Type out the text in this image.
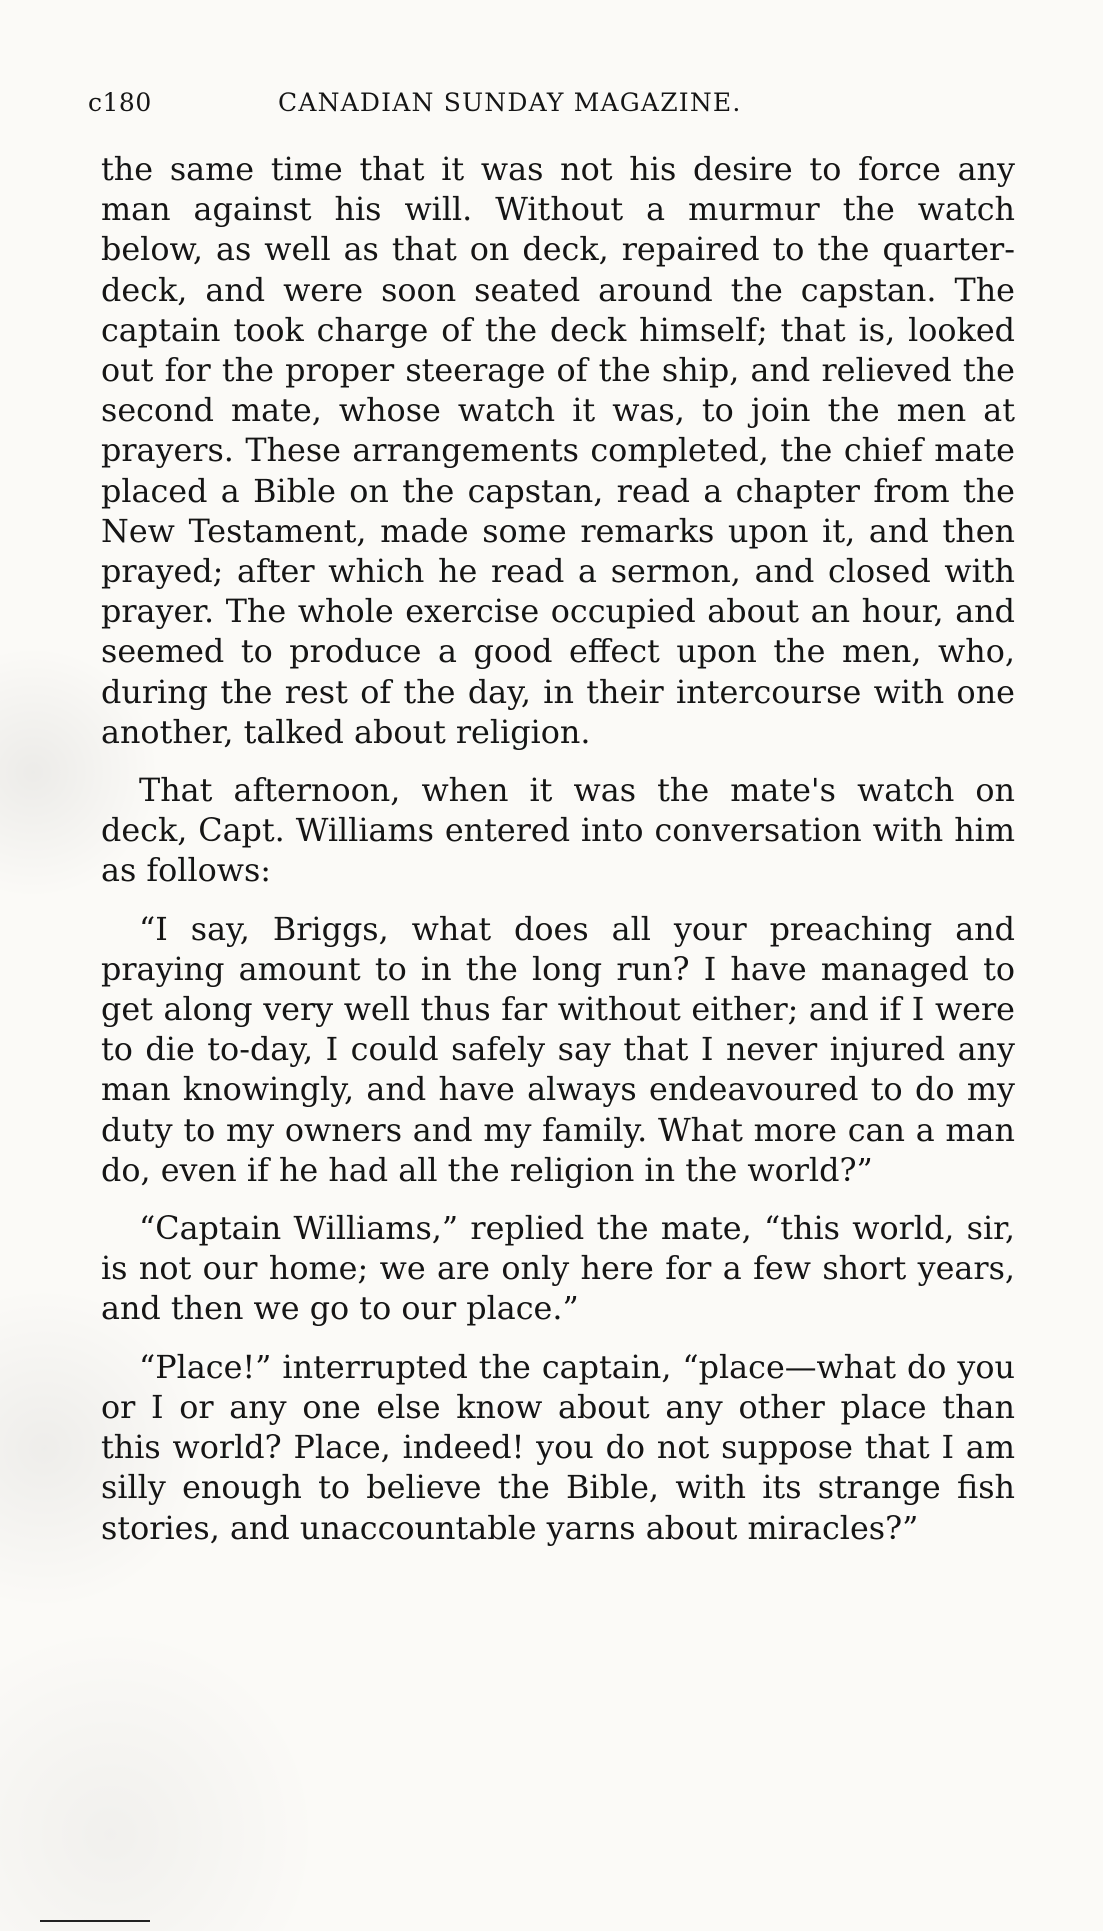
c180	CANADIAN SUNDAY MAGAZINE.

the same time that it was not his desire to force any man against his will. Without a murmur the watch below, as well as that on deck, repaired to the quarter-deck, and were soon seated around the capstan. The captain took charge of the deck himself; that is, looked out for the proper steerage of the ship, and relieved the second mate, whose watch it was, to join the men at prayers. These arrangements completed, the chief mate placed a Bible on the capstan, read a chapter from the New Testament, made some remarks upon it, and then prayed; after which he read a sermon, and closed with prayer. The whole exercise occupied about an hour, and seemed to produce a good effect upon the men, who, during the rest of the day, in their intercourse with one another, talked about religion.

That afternoon, when it was the mate's watch on deck, Capt. Williams entered into conversation with him as follows:

“I say, Briggs, what does all your preaching and praying amount to in the long run? I have managed to get along very well thus far without either; and if I were to die to-day, I could safely say that I never injured any man knowingly, and have always endeavoured to do my duty to my owners and my family. What more can a man do, even if he had all the religion in the world?”

“Captain Williams,” replied the mate, “this world, sir, is not our home; we are only here for a few short years, and then we go to our place.”

“Place!” interrupted the captain, “place—what do you or I or any one else know about any other place than this world? Place, indeed! you do not suppose that I am silly enough to believe the Bible, with its strange fish stories, and unaccountable yarns about miracles?”
